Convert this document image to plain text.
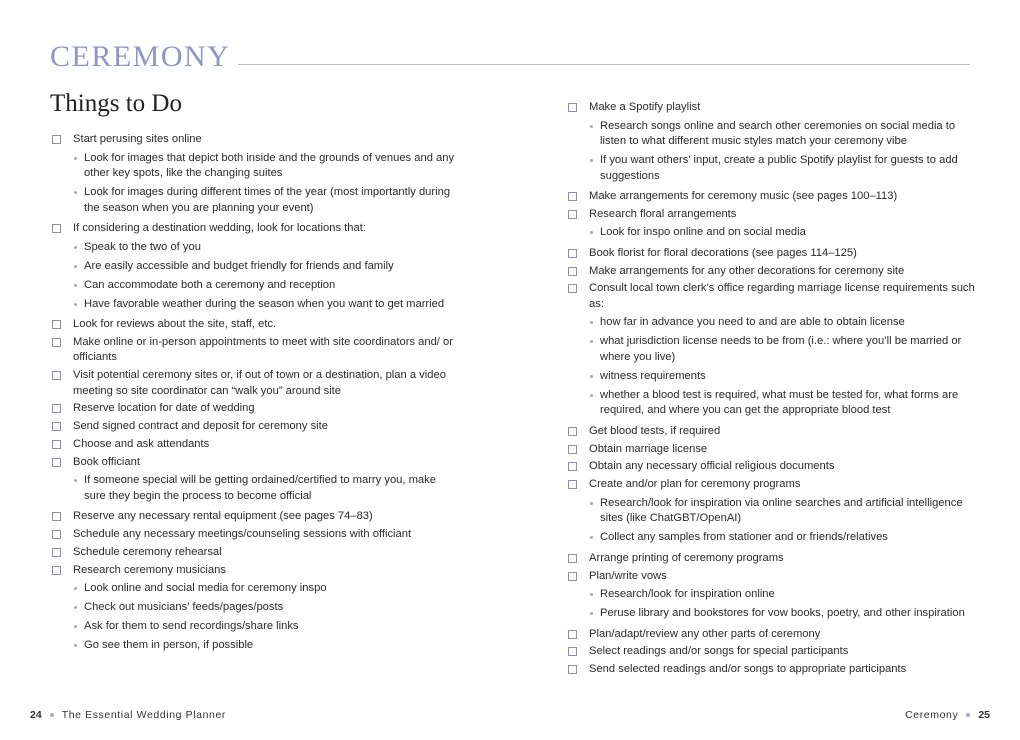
CEREMONY
Things to Do
Start perusing sites online
Look for images that depict both inside and the grounds of venues and any other key spots, like the changing suites
Look for images during different times of the year (most importantly during the season when you are planning your event)
If considering a destination wedding, look for locations that:
Speak to the two of you
Are easily accessible and budget friendly for friends and family
Can accommodate both a ceremony and reception
Have favorable weather during the season when you want to get married
Look for reviews about the site, staff, etc.
Make online or in-person appointments to meet with site coordinators and/ or officiants
Visit potential ceremony sites or, if out of town or a destination, plan a video meeting so site coordinator can “walk you” around site
Reserve location for date of wedding
Send signed contract and deposit for ceremony site
Choose and ask attendants
Book officiant
If someone special will be getting ordained/certified to marry you, make sure they begin the process to become official
Reserve any necessary rental equipment (see pages 74–83)
Schedule any necessary meetings/counseling sessions with officiant
Schedule ceremony rehearsal
Research ceremony musicians
Look online and social media for ceremony inspo
Check out musicians’ feeds/pages/posts
Ask for them to send recordings/share links
Go see them in person, if possible
Make a Spotify playlist
Research songs online and search other ceremonies on social media to listen to what different music styles match your ceremony vibe
If you want others’ input, create a public Spotify playlist for guests to add suggestions
Make arrangements for ceremony music (see pages 100–113)
Research floral arrangements
Look for inspo online and on social media
Book florist for floral decorations (see pages 114–125)
Make arrangements for any other decorations for ceremony site
Consult local town clerk’s office regarding marriage license requirements such as:
how far in advance you need to and are able to obtain license
what jurisdiction license needs to be from (i.e.: where you’ll be married or where you live)
witness requirements
whether a blood test is required, what must be tested for, what forms are required, and where you can get the appropriate blood test
Get blood tests, if required
Obtain marriage license
Obtain any necessary official religious documents
Create and/or plan for ceremony programs
Research/look for inspiration via online searches and artificial intelligence sites (like ChatGBT/OpenAI)
Collect any samples from stationer and or friends/relatives
Arrange printing of ceremony programs
Plan/write vows
Research/look for inspiration online
Peruse library and bookstores for vow books, poetry, and other inspiration
Plan/adapt/review any other parts of ceremony
Select readings and/or songs for special participants
Send selected readings and/or songs to appropriate participants
24 The Essential Wedding Planner	Ceremony 25
